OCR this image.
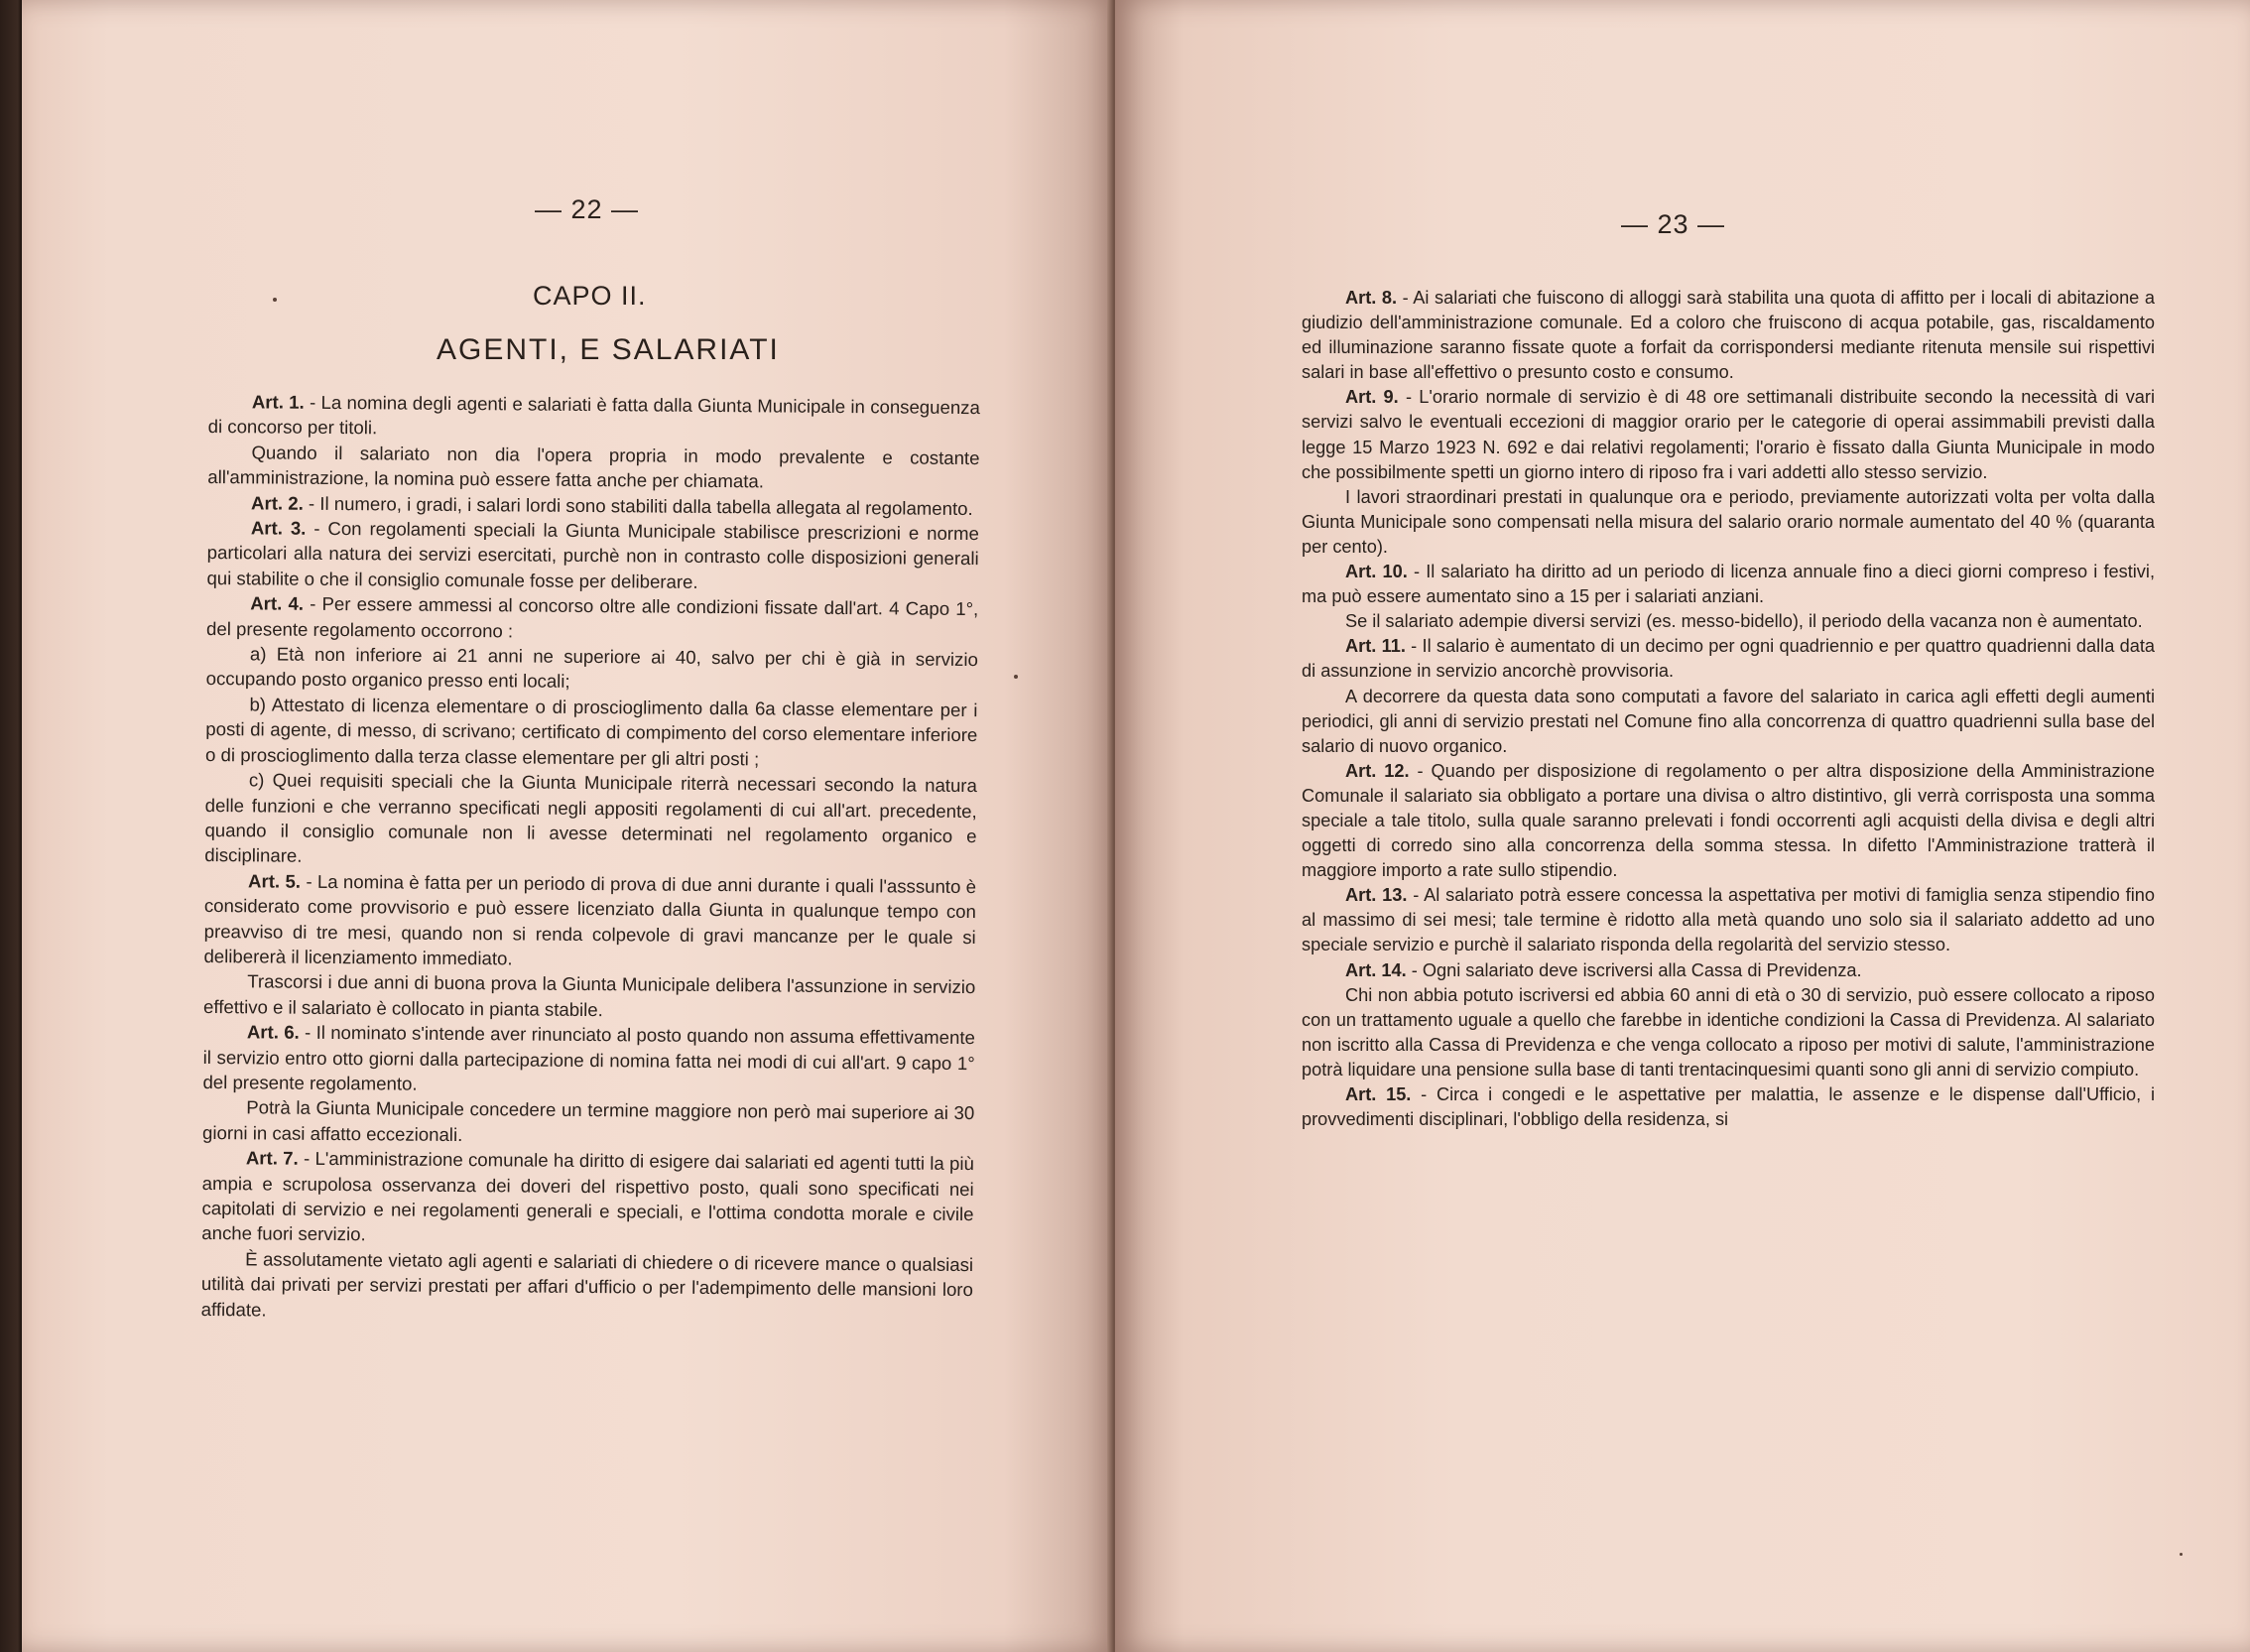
— 22 —
CAPO II.
AGENTI, E SALARIATI

Art. 1. - La nomina degli agenti e salariati è fatta dalla Giunta Municipale in conseguenza di concorso per titoli.

Quando il salariato non dia l'opera propria in modo prevalente e costante all'amministrazione, la nomina può essere fatta anche per chiamata.

Art. 2. - Il numero, i gradi, i salari lordi sono stabiliti dalla tabella allegata al regolamento.

Art. 3. - Con regolamenti speciali la Giunta Municipale stabilisce prescrizioni e norme particolari alla natura dei servizi esercitati, purchè non in contrasto colle disposizioni generali qui stabilite o che il consiglio comunale fosse per deliberare.

Art. 4. - Per essere ammessi al concorso oltre alle condizioni fissate dall'art. 4 Capo 1°, del presente regolamento occorrono :

a) Età non inferiore ai 21 anni ne superiore ai 40, salvo per chi è già in servizio occupando posto organico presso enti locali;

b) Attestato di licenza elementare o di proscioglimento dalla 6a classe elementare per i posti di agente, di messo, di scrivano; certificato di compimento del corso elementare inferiore o di proscioglimento dalla terza classe elementare per gli altri posti ;

c) Quei requisiti speciali che la Giunta Municipale riterrà necessari secondo la natura delle funzioni e che verranno specificati negli appositi regolamenti di cui all'art. precedente, quando il consiglio comunale non li avesse determinati nel regolamento organico e disciplinare.

Art. 5. - La nomina è fatta per un periodo di prova di due anni durante i quali l'asssunto è considerato come provvisorio e può essere licenziato dalla Giunta in qualunque tempo con preavviso di tre mesi, quando non si renda colpevole di gravi mancanze per le quale si delibererà il licenziamento immediato.

Trascorsi i due anni di buona prova la Giunta Municipale delibera l'assunzione in servizio effettivo e il salariato è collocato in pianta stabile.

Art. 6. - Il nominato s'intende aver rinunciato al posto quando non assuma effettivamente il servizio entro otto giorni dalla partecipazione di nomina fatta nei modi di cui all'art. 9 capo 1° del presente regolamento.

Potrà la Giunta Municipale concedere un termine maggiore non però mai superiore ai 30 giorni in casi affatto eccezionali.

Art. 7. - L'amministrazione comunale ha diritto di esigere dai salariati ed agenti tutti la più ampia e scrupolosa osservanza dei doveri del rispettivo posto, quali sono specificati nei capitolati di servizio e nei regolamenti generali e speciali, e l'ottima condotta morale e civile anche fuori servizio.

È assolutamente vietato agli agenti e salariati di chiedere o di ricevere mance o qualsiasi utilità dai privati per servizi prestati per affari d'ufficio o per l'adempimento delle mansioni loro affidate.

— 23 —

Art. 8. - Ai salariati che fuiscono di alloggi sarà stabilita una quota di affitto per i locali di abitazione a giudizio dell'amministrazione comunale. Ed a coloro che fruiscono di acqua potabile, gas, riscaldamento ed illuminazione saranno fissate quote a forfait da corrispondersi mediante ritenuta mensile sui rispettivi salari in base all'effettivo o presunto costo e consumo.

Art. 9. - L'orario normale di servizio è di 48 ore settimanali distribuite secondo la necessità di vari servizi salvo le eventuali eccezioni di maggior orario per le categorie di operai assimmabili previsti dalla legge 15 Marzo 1923 N. 692 e dai relativi regolamenti; l'orario è fissato dalla Giunta Municipale in modo che possibilmente spetti un giorno intero di riposo fra i vari addetti allo stesso servizio.

I lavori straordinari prestati in qualunque ora e periodo, previamente autorizzati volta per volta dalla Giunta Municipale sono compensati nella misura del salario orario normale aumentato del 40 % (quaranta per cento).

Art. 10. - Il salariato ha diritto ad un periodo di licenza annuale fino a dieci giorni compreso i festivi, ma può essere aumentato sino a 15 per i salariati anziani.

Se il salariato adempie diversi servizi (es. messo-bidello), il periodo della vacanza non è aumentato.

Art. 11. - Il salario è aumentato di un decimo per ogni quadriennio e per quattro quadrienni dalla data di assunzione in servizio ancorchè provvisoria.

A decorrere da questa data sono computati a favore del salariato in carica agli effetti degli aumenti periodici, gli anni di servizio prestati nel Comune fino alla concorrenza di quattro quadrienni sulla base del salario di nuovo organico.

Art. 12. - Quando per disposizione di regolamento o per altra disposizione della Amministrazione Comunale il salariato sia obbligato a portare una divisa o altro distintivo, gli verrà corrisposta una somma speciale a tale titolo, sulla quale saranno prelevati i fondi occorrenti agli acquisti della divisa e degli altri oggetti di corredo sino alla concorrenza della somma stessa. In difetto l'Amministrazione tratterà il maggiore importo a rate sullo stipendio.

Art. 13. - Al salariato potrà essere concessa la aspettativa per motivi di famiglia senza stipendio fino al massimo di sei mesi; tale termine è ridotto alla metà quando uno solo sia il salariato addetto ad uno speciale servizio e purchè il salariato risponda della regolarità del servizio stesso.

Art. 14. - Ogni salariato deve iscriversi alla Cassa di Previdenza.

Chi non abbia potuto iscriversi ed abbia 60 anni di età o 30 di servizio, può essere collocato a riposo con un trattamento uguale a quello che farebbe in identiche condizioni la Cassa di Previdenza. Al salariato non iscritto alla Cassa di Previdenza e che venga collocato a riposo per motivi di salute, l'amministrazione potrà liquidare una pensione sulla base di tanti trentacinquesimi quanti sono gli anni di servizio compiuto.

Art. 15. - Circa i congedi e le aspettative per malattia, le assenze e le dispense dall'Ufficio, i provvedimenti disciplinari, l'obbligo della residenza, si
